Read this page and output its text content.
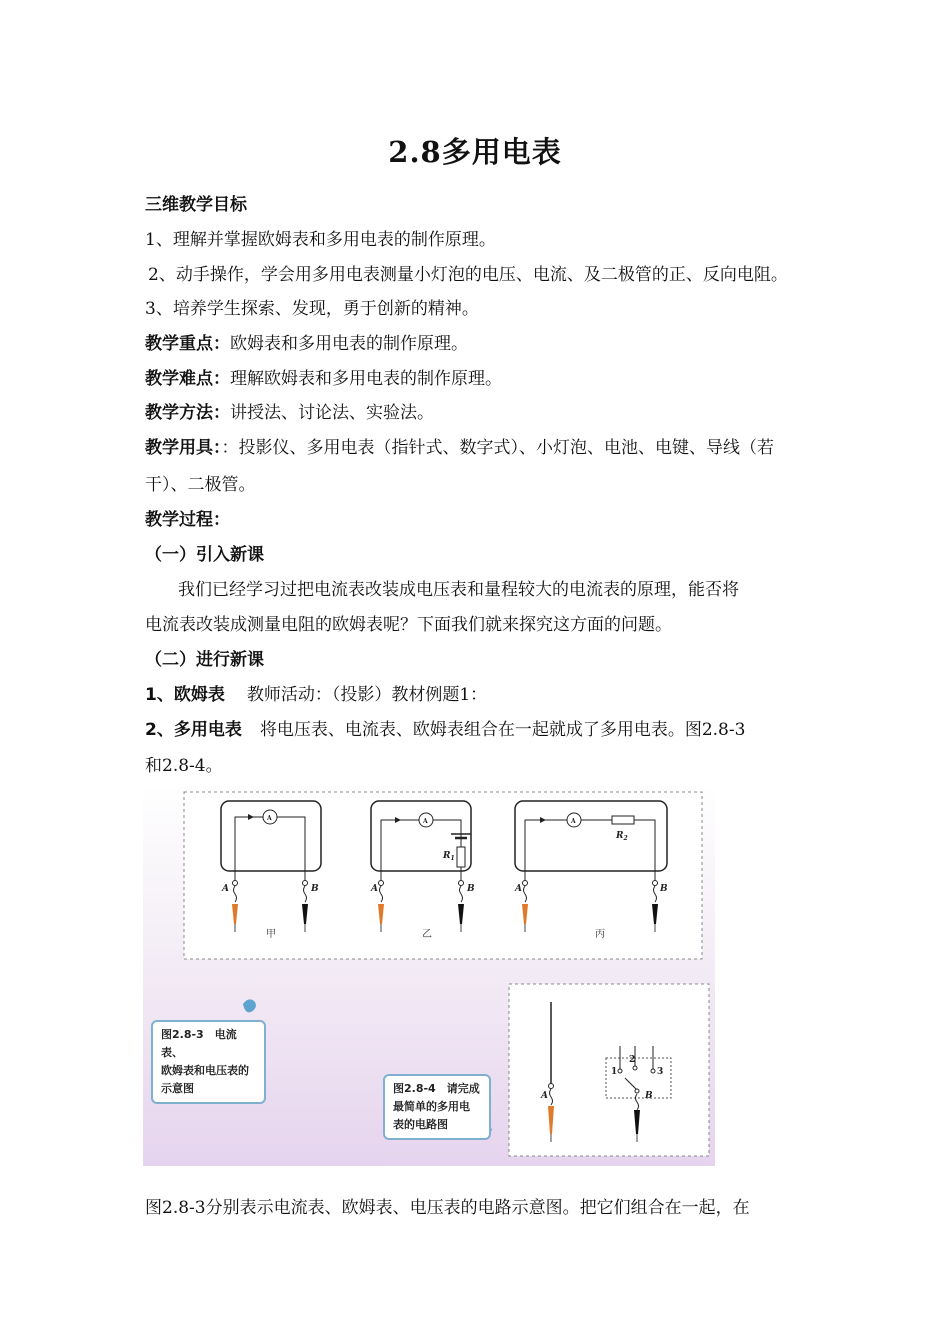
2.8多用电表
三维教学目标
1、理解并掌握欧姆表和多用电表的制作原理。
2、动手操作，学会用多用电表测量小灯泡的电压、电流、及二极管的正、反向电阻。
3、培养学生探索、发现，勇于创新的精神。
教学重点：欧姆表和多用电表的制作原理。
教学难点：理解欧姆表和多用电表的制作原理。
教学方法：讲授法、讨论法、实验法。
教学用具：：投影仪、多用电表（指针式、数字式）、小灯泡、电池、电键、导线（若
干）、二极管。
教学过程：
（一）引入新课
我们已经学习过把电流表改装成电压表和量程较大的电流表的原理，能否将
电流表改装成测量电阻的欧姆表呢？下面我们就来探究这方面的问题。
（二）进行新课
1、欧姆表 教师活动：（投影）教材例题1：
2、多用电表 将电压表、电流表、欧姆表组合在一起就成了多用电表。图2.8-3
和2.8-4。
A	A	A
A	B	A	B	A	B
$R_1$
$R_2$
甲	乙	丙
A	B
1
2
3
图2.8-3　电流表、
欧姆表和电压表的
示意图	图2.8-4　请完成
最简单的多用电
表的电路图
图2.8-3分别表示电流表、欧姆表、电压表的电路示意图。把它们组合在一起，在
